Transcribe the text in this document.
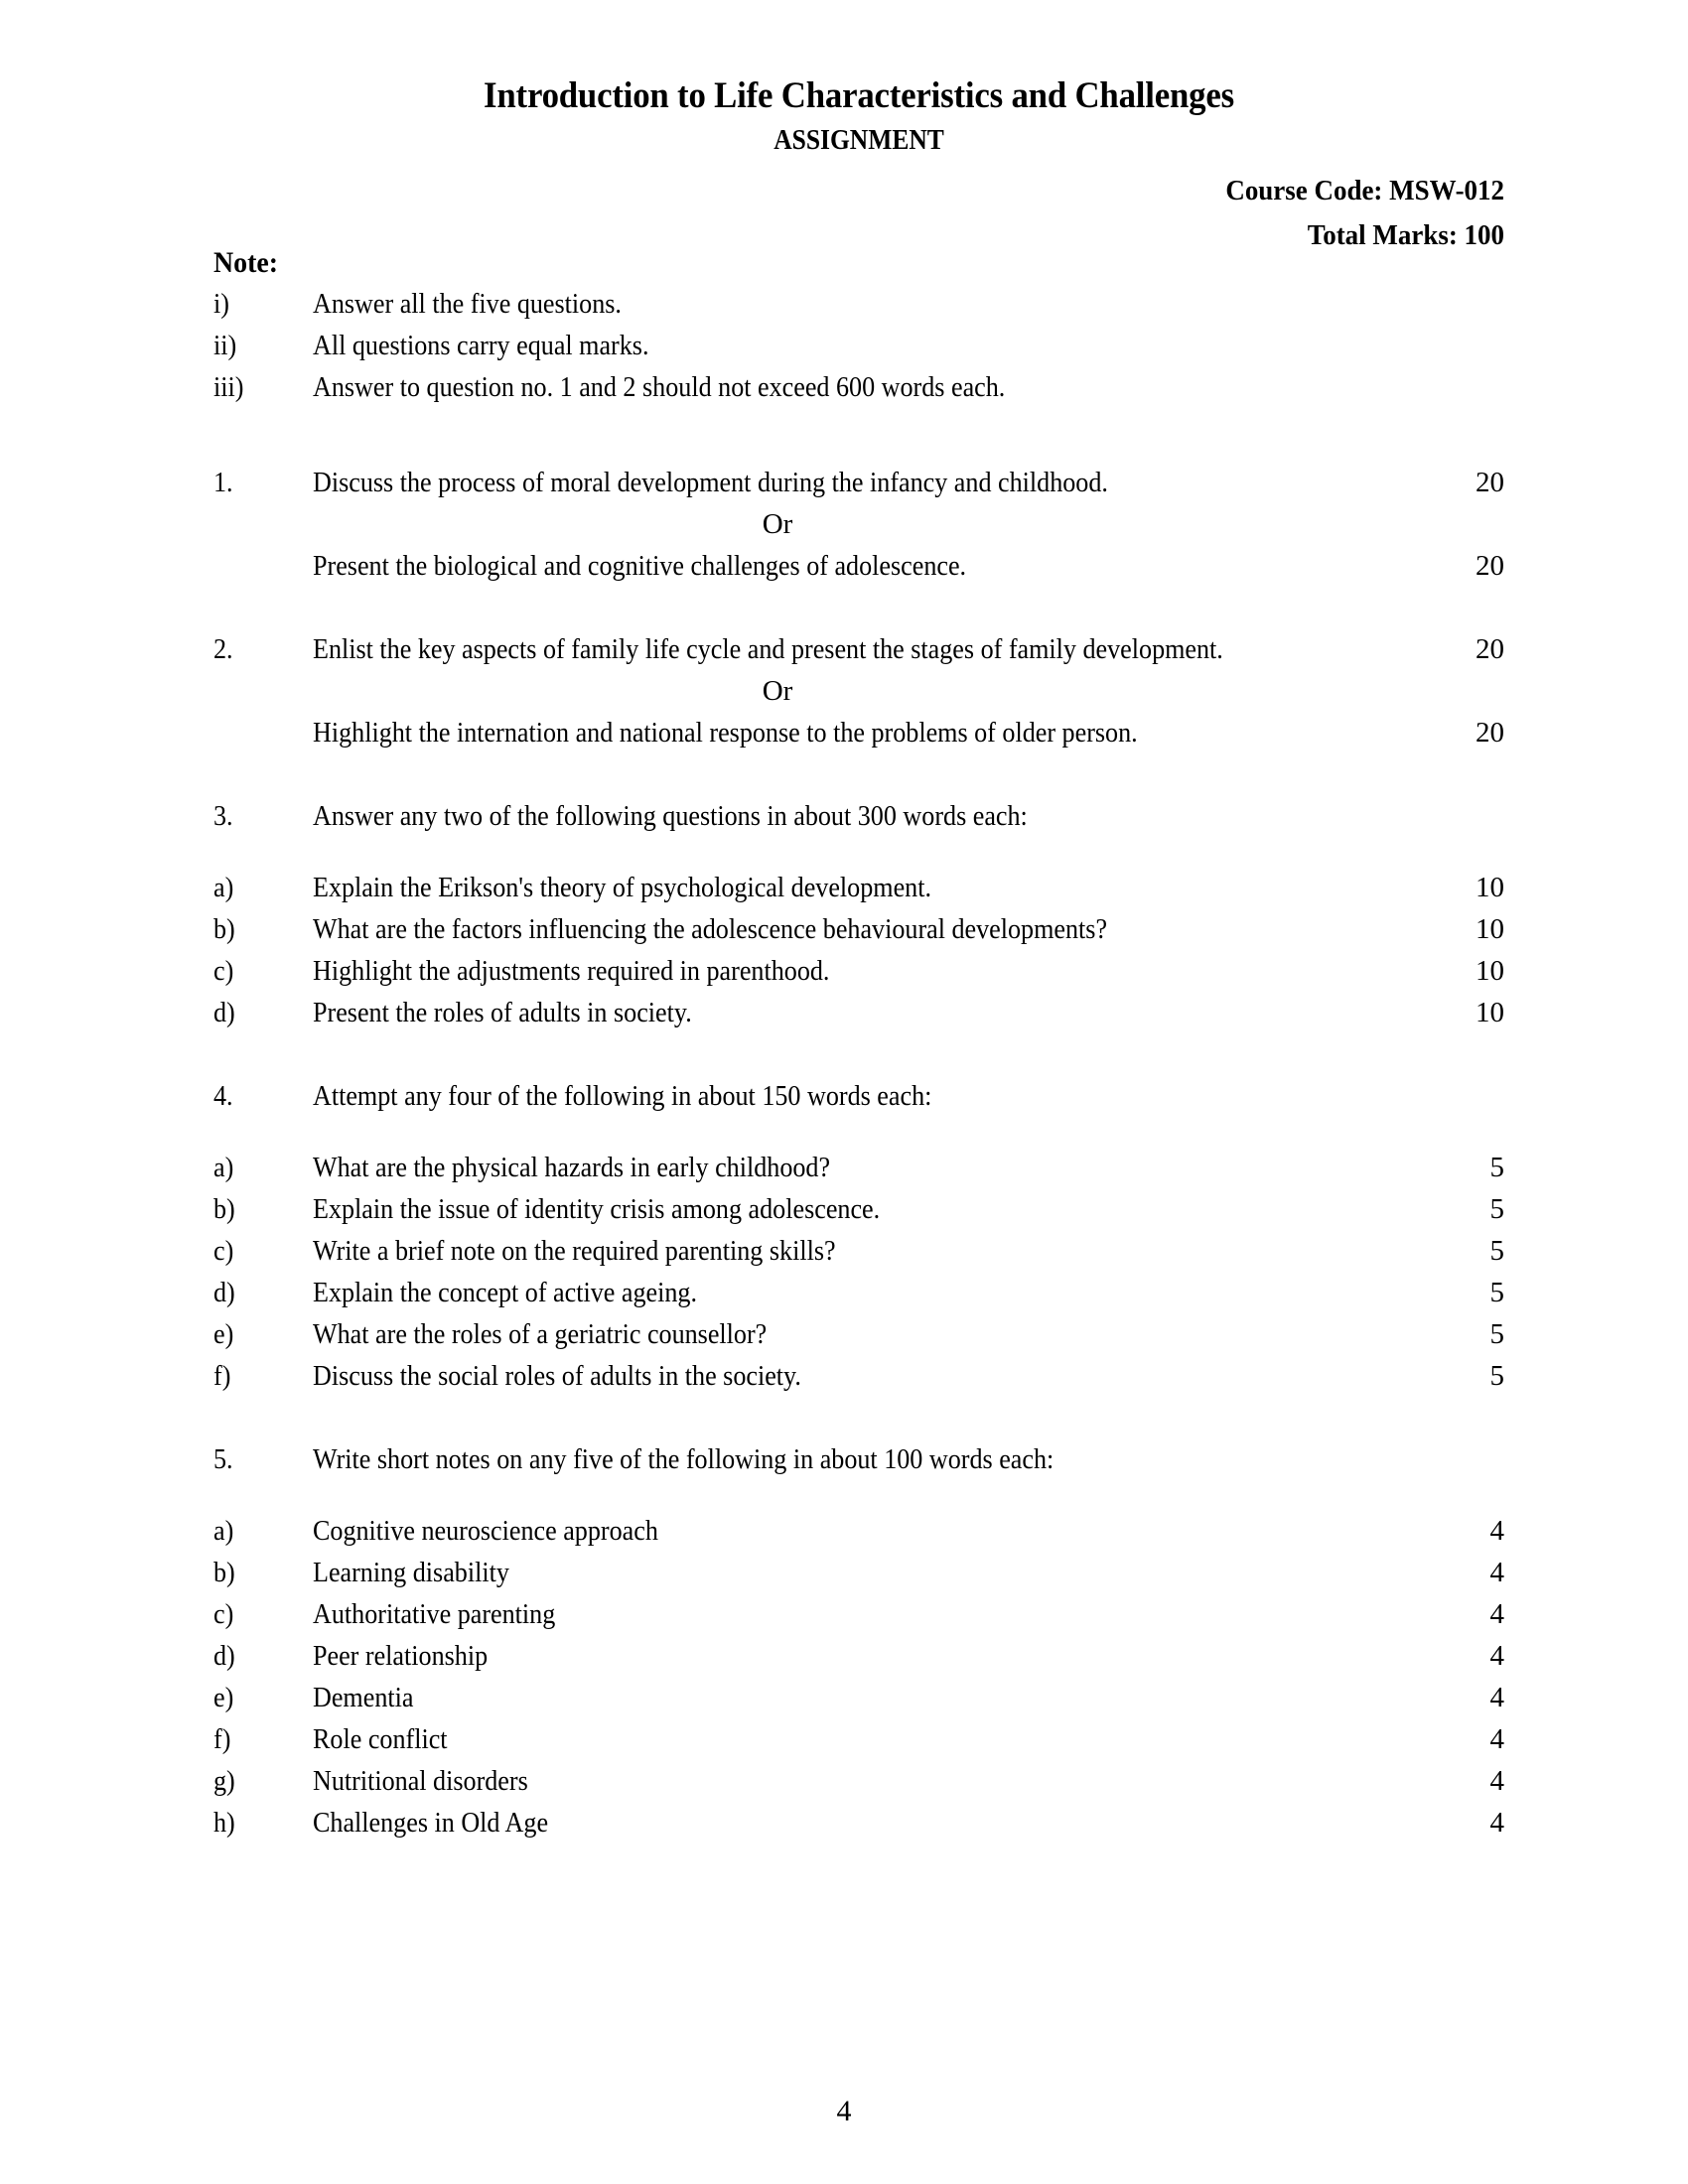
Introduction to Life Characteristics and Challenges
ASSIGNMENT
Course Code: MSW-012
Total Marks: 100
Note:
i)	Answer all the five questions.
ii)	All questions carry equal marks.
iii)	Answer to question no. 1 and 2 should not exceed 600 words each.
1.	Discuss the process of moral development during the infancy and childhood.	20
Or
Present the biological and cognitive challenges of adolescence.	20
2.	Enlist the key aspects of family life cycle and present the stages of family development.	20
Or
Highlight the internation and national response to the problems of older person.	20
3.	Answer any two of the following questions in about 300 words each:
a)	Explain the Erikson's theory of psychological development.	10
b)	What are the factors influencing the adolescence behavioural developments?	10
c)	Highlight the adjustments required in parenthood.	10
d)	Present the roles of adults in society.	10
4.	Attempt any four of the following in about 150 words each:
a)	What are the physical hazards in early childhood?	5
b)	Explain the issue of identity crisis among adolescence.	5
c)	Write a brief note on the required parenting skills?	5
d)	Explain the concept of active ageing.	5
e)	What are the roles of a geriatric counsellor?	5
f)	Discuss the social roles of adults in the society.	5
5.	Write short notes on any five of the following in about 100 words each:
a)	Cognitive neuroscience approach	4
b)	Learning disability	4
c)	Authoritative parenting	4
d)	Peer relationship	4
e)	Dementia	4
f)	Role conflict	4
g)	Nutritional disorders	4
h)	Challenges in Old Age	4
4
